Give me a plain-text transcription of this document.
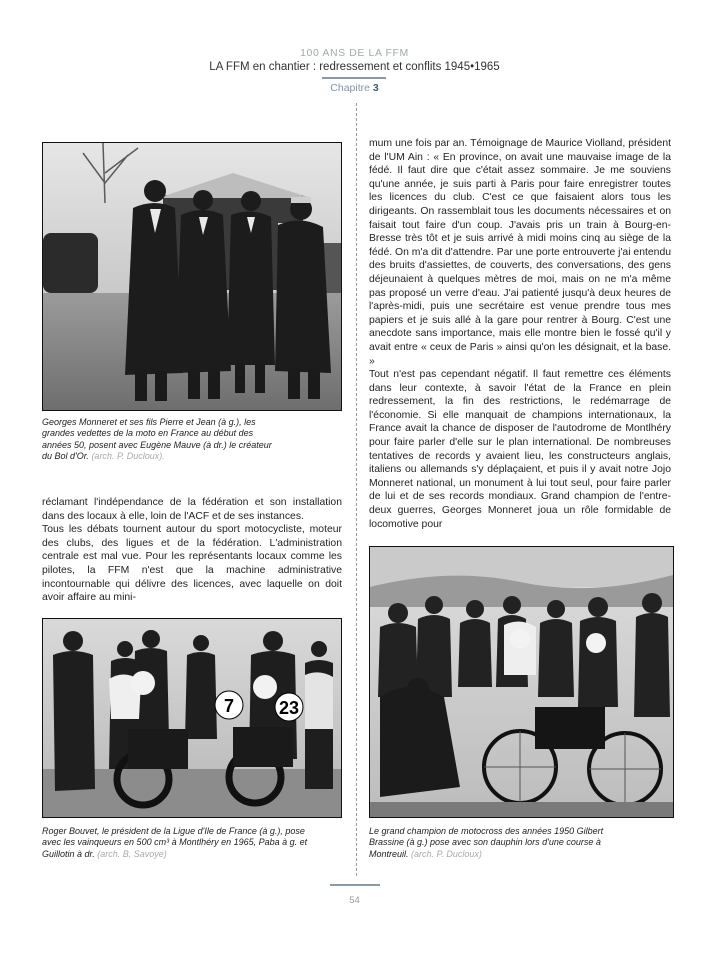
100 ANS DE LA FFM
LA FFM en chantier : redressement et conflits 1945•1965
Chapitre 3
Georges Monneret et ses fils Pierre et Jean (à g.), les grandes vedettes de la moto en France au début des années 50, posent avec Eugène Mauve (à dr.) le créateur du Bol d'Or. (arch. P. Ducloux).

réclamant l'indépendance de la fédération et son installation dans des locaux à elle, loin de l'ACF et de ses instances.
Tous les débats tournent autour du sport motocycliste, moteur des clubs, des ligues et de la fédération. L'administration centrale est mal vue. Pour les représentants locaux comme les pilotes, la FFM n'est que la machine administrative incontournable qui délivre des licences, avec laquelle on doit avoir affaire au mini-

7 23
Roger Bouvet, le président de la Ligue d'Ile de France (à g.), pose avec les vainqueurs en 500 cm³ à Montlhéry en 1965, Paba à g. et Guillotin à dr. (arch. B. Savoye)

mum une fois par an. Témoignage de Maurice Violland, président de l'UM Ain : « En province, on avait une mauvaise image de la fédé. Il faut dire que c'était assez sommaire. Je me souviens qu'une année, je suis parti à Paris pour faire enregistrer toutes les licences du club. C'est ce que faisaient alors tous les dirigeants. On rassemblait tous les documents nécessaires et on faisait tout faire d'un coup. J'avais pris un train à Bourg-en-Bresse très tôt et je suis arrivé à midi moins cinq au siège de la fédé. On m'a dit d'attendre. Par une porte entrouverte j'ai entendu des bruits d'assiettes, de couverts, des conversations, des gens déjeunaient à quelques mètres de moi, mais on ne m'a même pas proposé un verre d'eau. J'ai patienté jusqu'à deux heures de l'après-midi, puis une secrétaire est venue prendre tous mes papiers et je suis allé à la gare pour rentrer à Bourg. C'est une anecdote sans importance, mais elle montre bien le fossé qu'il y avait entre « ceux de Paris » ainsi qu'on les désignait, et la base. »
Tout n'est pas cependant négatif. Il faut remettre ces éléments dans leur contexte, à savoir l'état de la France en plein redressement, la fin des restrictions, le redémarrage de l'économie. Si elle manquait de champions internationaux, la France avait la chance de disposer de l'autodrome de Montlhéry pour faire parler d'elle sur le plan international. De nombreuses tentatives de records y avaient lieu, les constructeurs anglais, italiens ou allemands s'y déplaçaient, et puis il y avait notre Jojo Monneret national, un monument à lui tout seul, pour faire parler de lui et de ses records mondiaux. Grand champion de l'entre-deux guerres, Georges Monneret joua un rôle formidable de locomotive pour

Le grand champion de motocross des années 1950 Gilbert Brassine (à g.) pose avec son dauphin lors d'une course à Montreuil. (arch. P. Ducloux)
54
